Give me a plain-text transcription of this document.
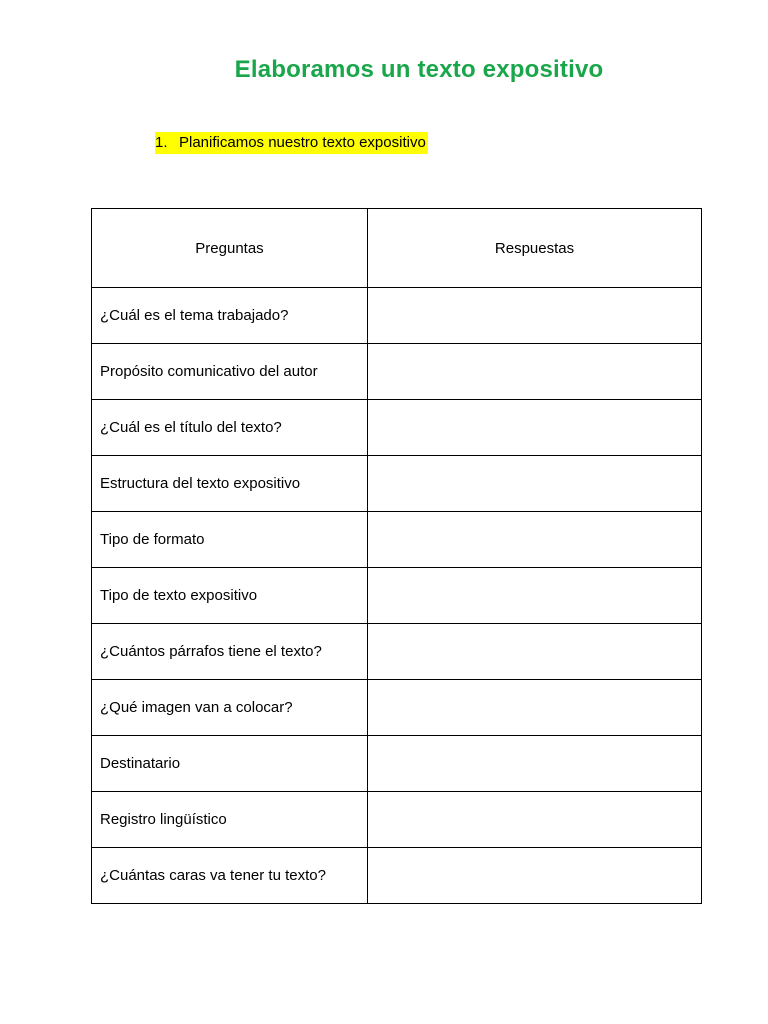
Elaboramos un texto expositivo
1. Planificamos nuestro texto expositivo
Preguntas	Respuestas
¿Cuál es el tema trabajado?	
Propósito comunicativo del autor	
¿Cuál es el título del texto?	
Estructura del texto expositivo	
Tipo de formato	
Tipo de texto expositivo	
¿Cuántos párrafos tiene el texto?	
¿Qué imagen van a colocar?	
Destinatario	
Registro lingüístico	
¿Cuántas caras va tener tu texto?	
